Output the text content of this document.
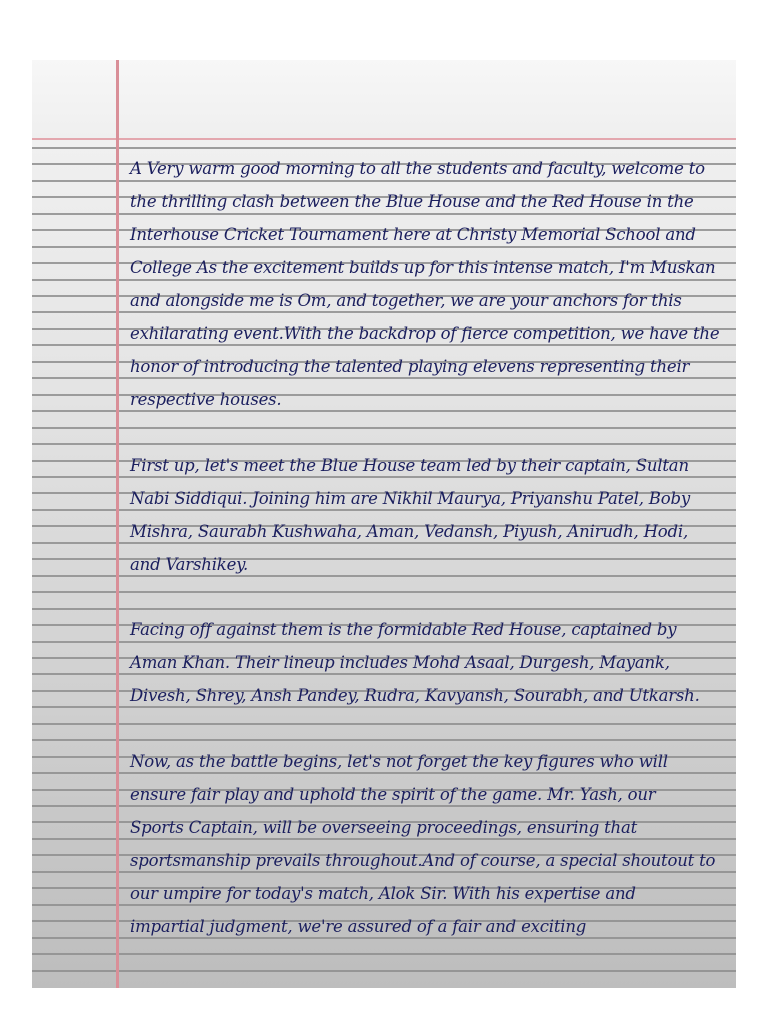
A Very warm good morning to all the students and faculty, welcome to
the thrilling clash between the Blue House and the Red House in the
Interhouse Cricket Tournament here at Christy Memorial School and
College As the excitement builds up for this intense match, I'm Muskan
and alongside me is Om, and together, we are your anchors for this
exhilarating event.With the backdrop of fierce competition, we have the
honor of introducing the talented playing elevens representing their
respective houses.
First up, let's meet the Blue House team led by their captain, Sultan
Nabi Siddiqui. Joining him are Nikhil Maurya, Priyanshu Patel, Boby
Mishra, Saurabh Kushwaha, Aman, Vedansh, Piyush, Anirudh, Hodi,
and Varshikey.
Facing off against them is the formidable Red House, captained by
Aman Khan. Their lineup includes Mohd Asaal, Durgesh, Mayank,
Divesh, Shrey, Ansh Pandey, Rudra, Kavyansh, Sourabh, and Utkarsh.
Now, as the battle begins, let's not forget the key figures who will
ensure fair play and uphold the spirit of the game. Mr. Yash, our
Sports Captain, will be overseeing proceedings, ensuring that
sportsmanship prevails throughout.And of course, a special shoutout to
our umpire for today's match, Alok Sir. With his expertise and
impartial judgment, we're assured of a fair and exciting
